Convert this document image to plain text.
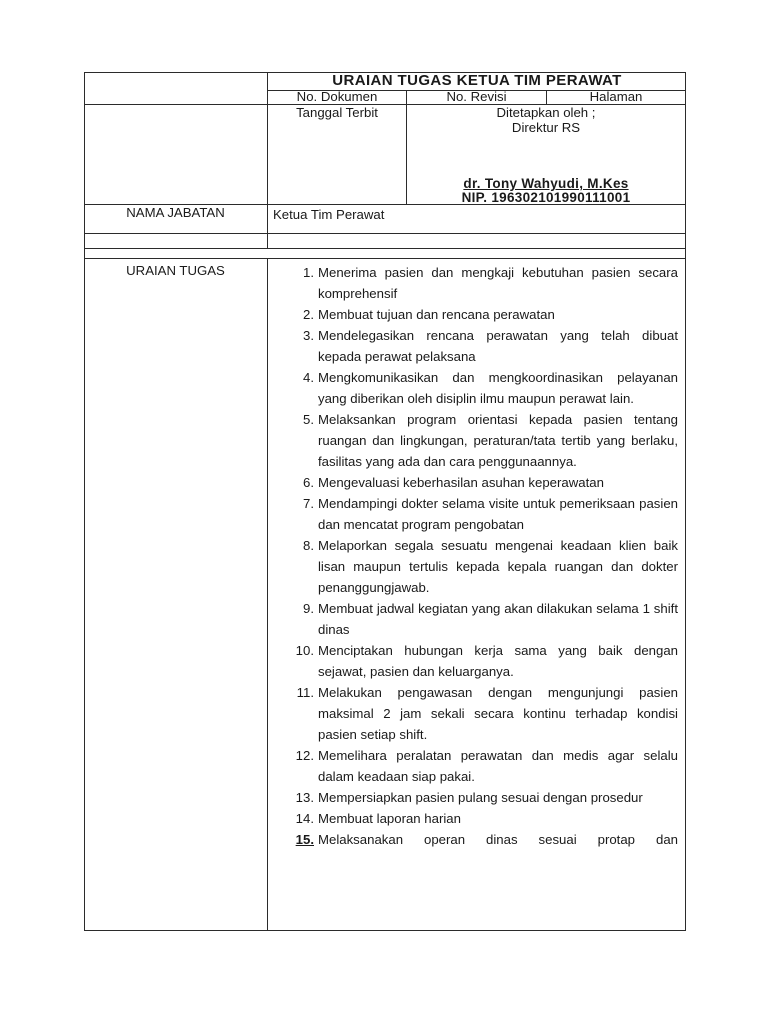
URAIAN TUGAS KETUA TIM PERAWAT
No. Dokumen	No. Revisi	Halaman
Tanggal Terbit	Ditetapkan oleh ;
Direktur RS
dr. Tony Wahyudi, M.Kes
NIP. 196302101990111001
NAMA JABATAN	Ketua Tim Perawat
URAIAN TUGAS	1. Menerima pasien dan mengkaji kebutuhan pasien secara komprehensif
2. Membuat tujuan dan rencana perawatan
3. Mendelegasikan rencana perawatan yang telah dibuat kepada perawat pelaksana
4. Mengkomunikasikan dan mengkoordinasikan pelayanan yang diberikan oleh disiplin ilmu maupun perawat lain.
5. Melaksankan program orientasi kepada pasien tentang ruangan dan lingkungan, peraturan/tata tertib yang berlaku, fasilitas yang ada dan cara penggunaannya.
6. Mengevaluasi keberhasilan asuhan keperawatan
7. Mendampingi dokter selama visite untuk pemeriksaan pasien dan mencatat program pengobatan
8. Melaporkan segala sesuatu mengenai keadaan klien baik lisan maupun tertulis kepada kepala ruangan dan dokter penanggungjawab.
9. Membuat jadwal kegiatan yang akan dilakukan selama 1 shift dinas
10. Menciptakan hubungan kerja sama yang baik dengan sejawat, pasien dan keluarganya.
11. Melakukan pengawasan dengan mengunjungi pasien maksimal 2 jam sekali secara kontinu terhadap kondisi pasien setiap shift.
12. Memelihara peralatan perawatan dan medis agar selalu dalam keadaan siap pakai.
13. Mempersiapkan pasien pulang sesuai dengan prosedur
14. Membuat laporan harian
15. Melaksanakan operan dinas sesuai protap dan
